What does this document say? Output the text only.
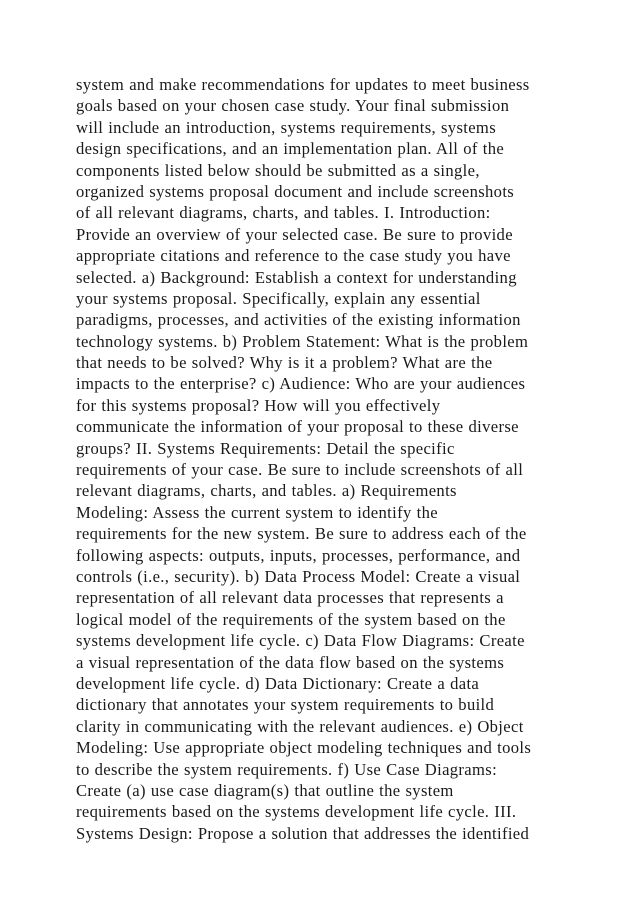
system and make recommendations for updates to meet business
goals based on your chosen case study. Your final submission
will include an introduction, systems requirements, systems
design specifications, and an implementation plan. All of the
components listed below should be submitted as a single,
organized systems proposal document and include screenshots
of all relevant diagrams, charts, and tables. I. Introduction:
Provide an overview of your selected case. Be sure to provide
appropriate citations and reference to the case study you have
selected. a) Background: Establish a context for understanding
your systems proposal. Specifically, explain any essential
paradigms, processes, and activities of the existing information
technology systems. b) Problem Statement: What is the problem
that needs to be solved? Why is it a problem? What are the
impacts to the enterprise? c) Audience: Who are your audiences
for this systems proposal? How will you effectively
communicate the information of your proposal to these diverse
groups? II. Systems Requirements: Detail the specific
requirements of your case. Be sure to include screenshots of all
relevant diagrams, charts, and tables. a) Requirements
Modeling: Assess the current system to identify the
requirements for the new system. Be sure to address each of the
following aspects: outputs, inputs, processes, performance, and
controls (i.e., security). b) Data Process Model: Create a visual
representation of all relevant data processes that represents a
logical model of the requirements of the system based on the
systems development life cycle. c) Data Flow Diagrams: Create
a visual representation of the data flow based on the systems
development life cycle. d) Data Dictionary: Create a data
dictionary that annotates your system requirements to build
clarity in communicating with the relevant audiences. e) Object
Modeling: Use appropriate object modeling techniques and tools
to describe the system requirements. f) Use Case Diagrams:
Create (a) use case diagram(s) that outline the system
requirements based on the systems development life cycle. III.
Systems Design: Propose a solution that addresses the identified
